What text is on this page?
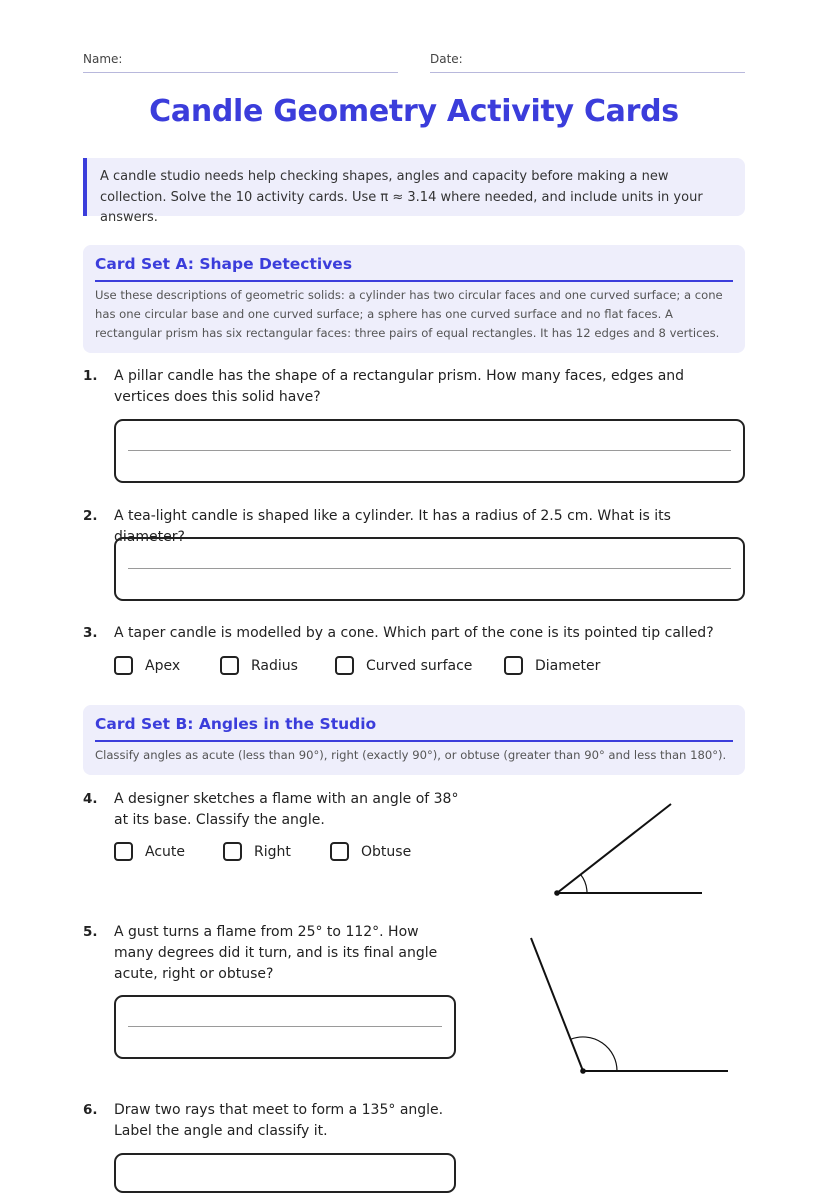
Name:	Date:
Candle Geometry Activity Cards
A candle studio needs help checking shapes, angles and capacity before making a new collection. Solve the 10 activity cards. Use π ≈ 3.14 where needed, and include units in your answers.
Card Set A: Shape Detectives
Use these descriptions of geometric solids: a cylinder has two circular faces and one curved surface; a cone has one circular base and one curved surface; a sphere has one curved surface and no flat faces. A rectangular prism has six rectangular faces: three pairs of equal rectangles. It has 12 edges and 8 vertices.
1. A pillar candle has the shape of a rectangular prism. How many faces, edges and vertices does this solid have?
2. A tea-light candle is shaped like a cylinder. It has a radius of 2.5 cm. What is its diameter?
3. A taper candle is modelled by a cone. Which part of the cone is its pointed tip called?
Apex	Radius	Curved surface	Diameter
Card Set B: Angles in the Studio
Classify angles as acute (less than 90°), right (exactly 90°), or obtuse (greater than 90° and less than 180°).
4. A designer sketches a flame with an angle of 38° at its base. Classify the angle.
Acute	Right	Obtuse
5. A gust turns a flame from 25° to 112°. How many degrees did it turn, and is its final angle acute, right or obtuse?
6. Draw two rays that meet to form a 135° angle. Label the angle and classify it.
